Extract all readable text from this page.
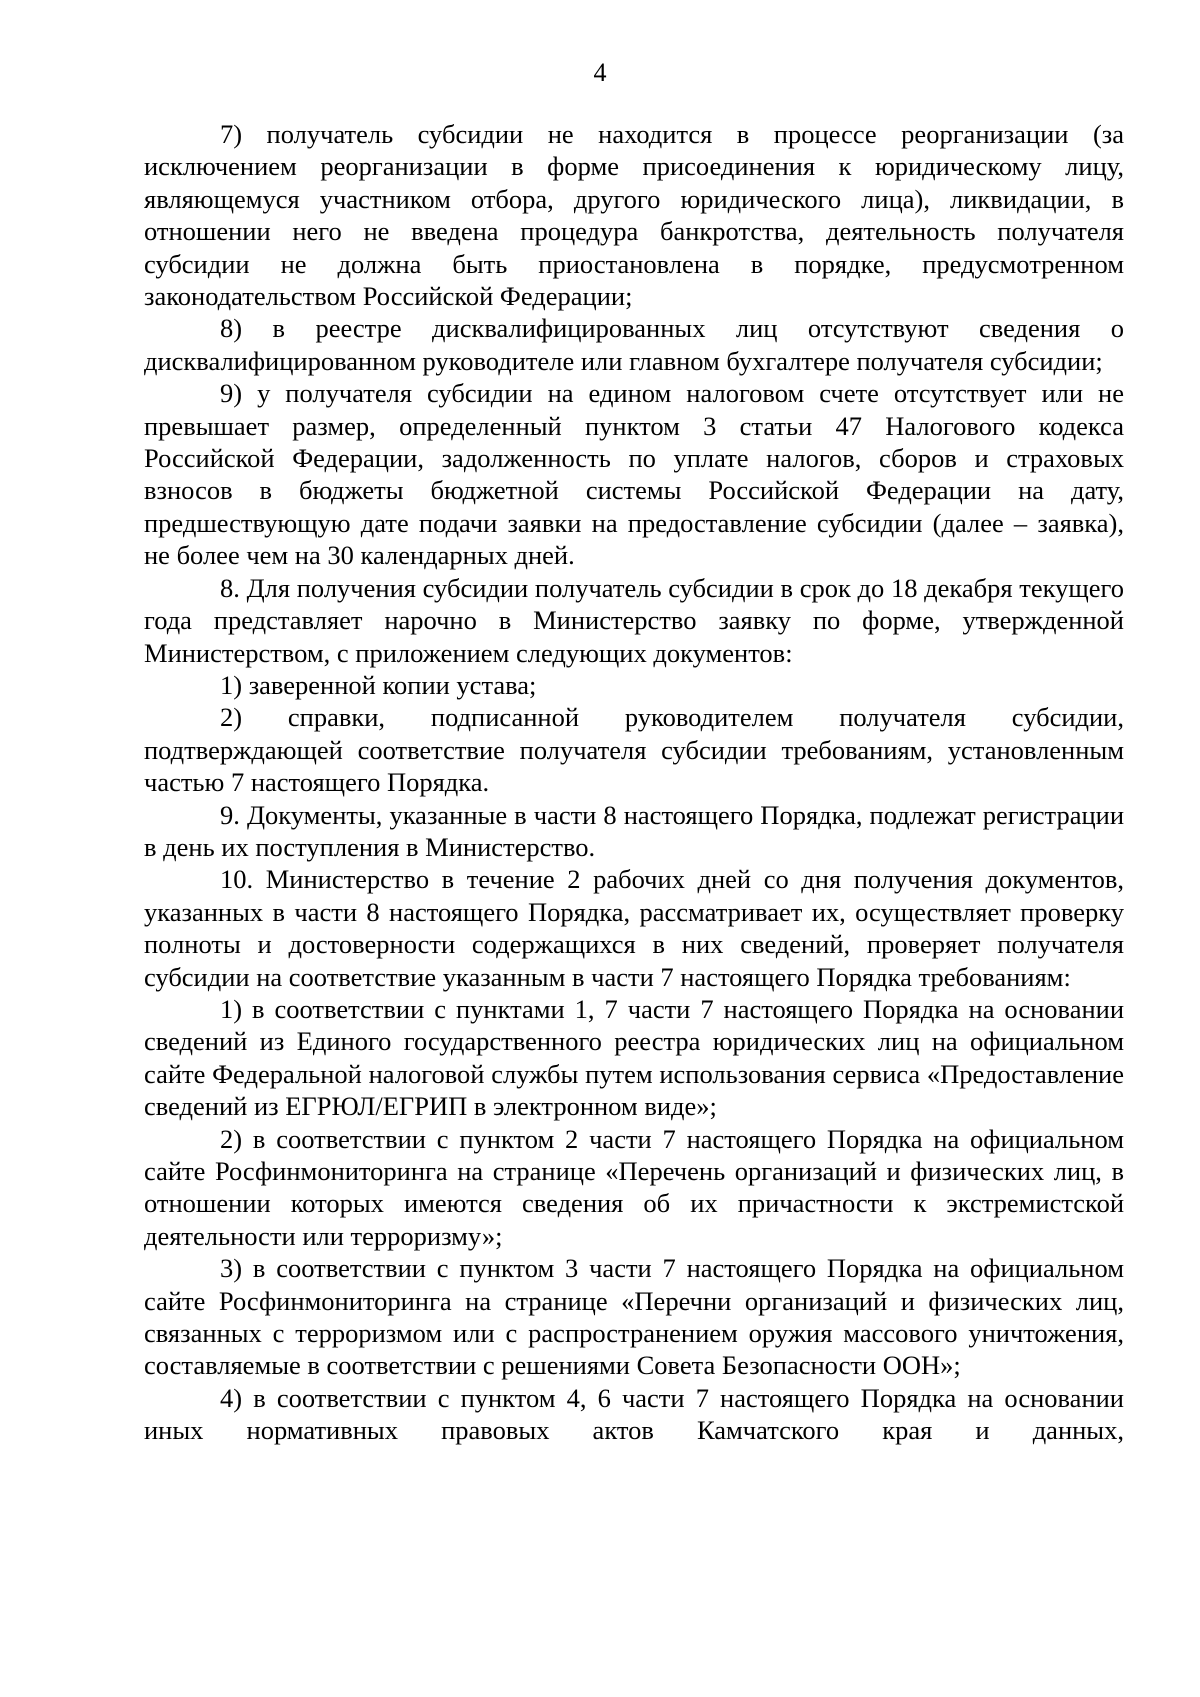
4

7) получатель субсидии не находится в процессе реорганизации (за исключением реорганизации в форме присоединения к юридическому лицу, являющемуся участником отбора, другого юридического лица), ликвидации, в отношении него не введена процедура банкротства, деятельность получателя субсидии не должна быть приостановлена в порядке, предусмотренном законодательством Российской Федерации;

8) в реестре дисквалифицированных лиц отсутствуют сведения о дисквалифицированном руководителе или главном бухгалтере получателя субсидии;

9) у получателя субсидии на едином налоговом счете отсутствует или не превышает размер, определенный пунктом 3 статьи 47 Налогового кодекса Российской Федерации, задолженность по уплате налогов, сборов и страховых взносов в бюджеты бюджетной системы Российской Федерации на дату, предшествующую дате подачи заявки на предоставление субсидии (далее – заявка), не более чем на 30 календарных дней.

8. Для получения субсидии получатель субсидии в срок до 18 декабря текущего года представляет нарочно в Министерство заявку по форме, утвержденной Министерством, с приложением следующих документов:

1) заверенной копии устава;

2) справки, подписанной руководителем получателя субсидии, подтверждающей соответствие получателя субсидии требованиям, установленным частью 7 настоящего Порядка.

9. Документы, указанные в части 8 настоящего Порядка, подлежат регистрации в день их поступления в Министерство.

10. Министерство в течение 2 рабочих дней со дня получения документов, указанных в части 8 настоящего Порядка, рассматривает их, осуществляет проверку полноты и достоверности содержащихся в них сведений, проверяет получателя субсидии на соответствие указанным в части 7 настоящего Порядка требованиям:

1) в соответствии с пунктами 1, 7 части 7 настоящего Порядка на основании сведений из Единого государственного реестра юридических лиц на официальном сайте Федеральной налоговой службы путем использования сервиса «Предоставление сведений из ЕГРЮЛ/ЕГРИП в электронном виде»;

2) в соответствии с пунктом 2 части 7 настоящего Порядка на официальном сайте Росфинмониторинга на странице «Перечень организаций и физических лиц, в отношении которых имеются сведения об их причастности к экстремистской деятельности или терроризму»;

3) в соответствии с пунктом 3 части 7 настоящего Порядка на официальном сайте Росфинмониторинга на странице «Перечни организаций и физических лиц, связанных с терроризмом или с распространением оружия массового уничтожения, составляемые в соответствии с решениями Совета Безопасности ООН»;

4) в соответствии с пунктом 4, 6 части 7 настоящего Порядка на основании иных нормативных правовых актов Камчатского края и данных,
